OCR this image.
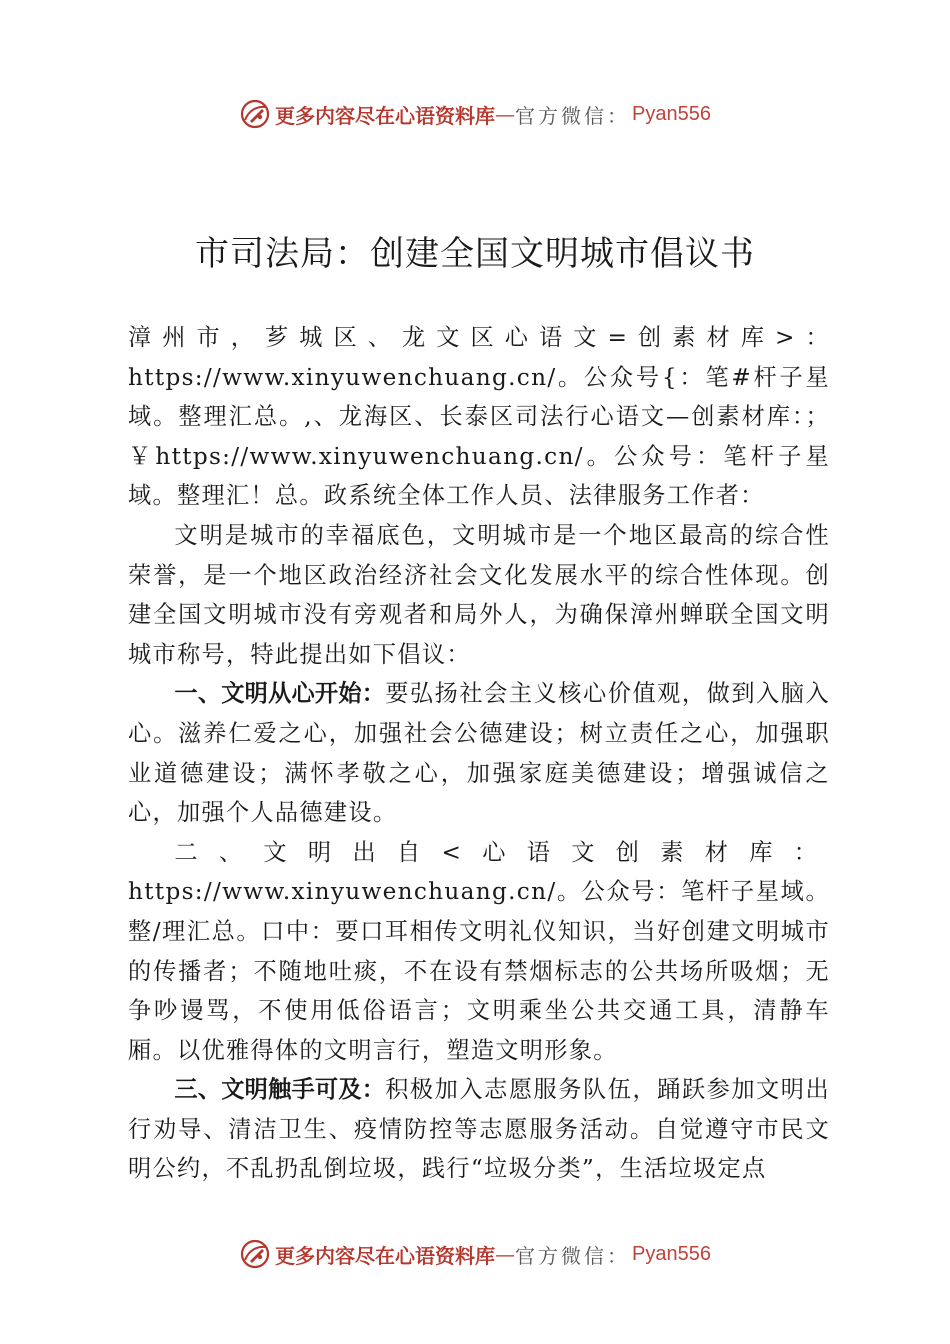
更多内容尽在心语资料库 — 官方微信： Pyan556
市司法局：创建全国文明城市倡议书

漳州市，芗城区、龙文区心语文=创素材库>：https://www.xinyuwenchuang.cn/。公众号{：笔#杆子星域。整理汇总。,、龙海区、长泰区司法行心语文—创素材库：；￥https://www.xinyuwenchuang.cn/。公众号：笔杆子星域。整理汇！总。政系统全体工作人员、法律服务工作者：

文明是城市的幸福底色，文明城市是一个地区最高的综合性荣誉，是一个地区政治经济社会文化发展水平的综合性体现。创建全国文明城市没有旁观者和局外人，为确保漳州蝉联全国文明城市称号，特此提出如下倡议：

一、文明从心开始：要弘扬社会主义核心价值观，做到入脑入心。滋养仁爱之心，加强社会公德建设；树立责任之心，加强职业道德建设；满怀孝敬之心，加强家庭美德建设；增强诚信之心，加强个人品德建设。

二、文明出自<心语文创素材库：https://www.xinyuwenchuang.cn/。公众号：笔杆子星域。整/理汇总。口中：要口耳相传文明礼仪知识，当好创建文明城市的传播者；不随地吐痰，不在设有禁烟标志的公共场所吸烟；无争吵谩骂，不使用低俗语言；文明乘坐公共交通工具，清静车厢。以优雅得体的文明言行，塑造文明形象。

三、文明触手可及：积极加入志愿服务队伍，踊跃参加文明出行劝导、清洁卫生、疫情防控等志愿服务活动。自觉遵守市民文明公约，不乱扔乱倒垃圾，践行“垃圾分类”，生活垃圾定点

更多内容尽在心语资料库 — 官方微信： Pyan556
